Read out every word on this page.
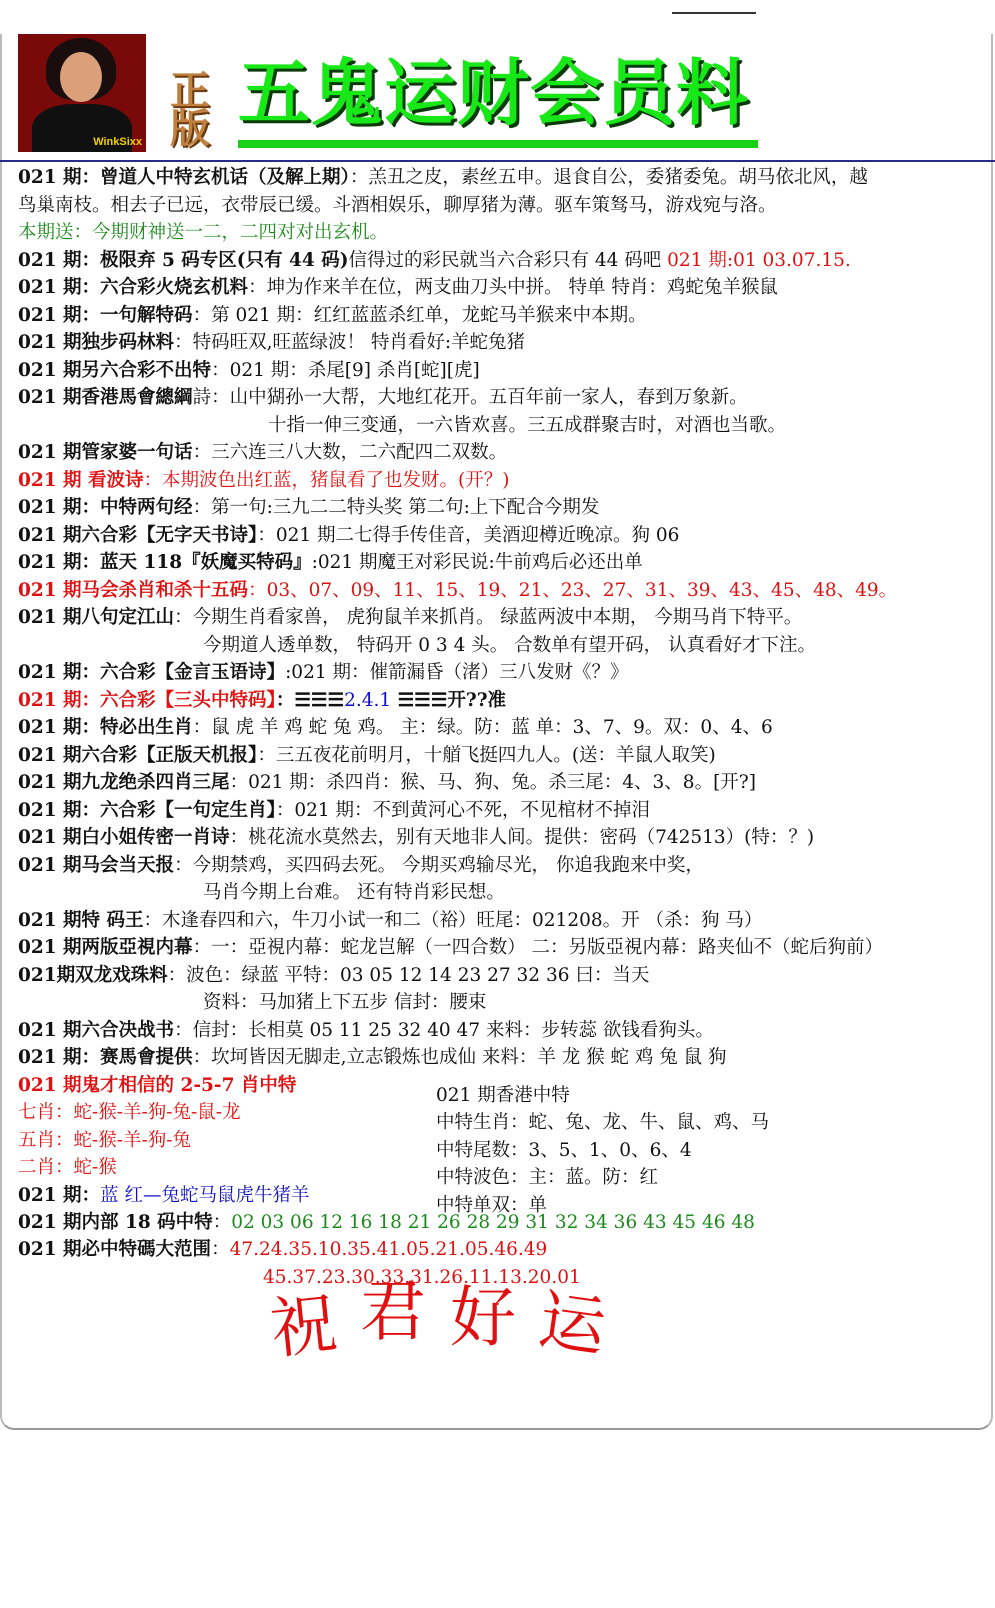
WinkSixx
正版 五鬼运财会员料
021 期：曾道人中特玄机话（及解上期）：羔丑之皮，素丝五申。退食自公，委猪委兔。胡马依北风，越
鸟巢南枝。相去子已远，衣带辰已缓。斗酒相娱乐，聊厚猪为薄。驱车策驽马，游戏宛与洛。
本期送：今期财神送一二，二四对对出玄机。
021 期：极限弃 5 码专区(只有 44 码)信得过的彩民就当六合彩只有 44 码吧 021 期:01 03.07.15.
021 期：六合彩火烧玄机料：坤为作来羊在位，两支曲刀头中拼。 特单 特肖：鸡蛇兔羊猴鼠
021 期：一句解特码：第 021 期：红红蓝蓝杀红单，龙蛇马羊猴来中本期。
021 期独步码林料：特码旺双,旺蓝绿波！ 特肖看好:羊蛇兔猪
021 期另六合彩不出特：021 期：杀尾[9] 杀肖[蛇][虎]
021 期香港馬會總綱詩：山中猢孙一大帮，大地红花开。五百年前一家人，春到万象新。
十指一伸三变通，一六皆欢喜。三五成群聚吉时，对酒也当歌。
021 期管家婆一句话：三六连三八大数，二六配四二双数。
021 期 看波诗：本期波色出红蓝，猪鼠看了也发财。(开？)
021 期：中特两句经：第一句:三九二二特头奖 第二句:上下配合今期发
021 期六合彩【无字天书诗】：021 期二七得手传佳音，美酒迎樽近晚凉。狗 06
021 期：蓝天 118『妖魔买特码』:021 期魔王对彩民说:牛前鸡后必还出单
021 期马会杀肖和杀十五码：03、07、09、11、15、19、21、23、27、31、39、43、45、48、49。
021 期八句定江山：今期生肖看家兽， 虎狗鼠羊来抓肖。 绿蓝两波中本期， 今期马肖下特平。
今期道人透单数， 特码开 0 3 4 头。 合数单有望开码， 认真看好才下注。
021 期：六合彩【金言玉语诗】:021 期：催箭漏昏（渚）三八发财《？》
021 期：六合彩【三头中特码】：☰☰☰2.4.1 ☰☰☰开??准
021 期：特必出生肖：鼠 虎 羊 鸡 蛇 兔 鸡。 主：绿。防：蓝 单：3、7、9。双：0、4、6
021 期六合彩【正版天机报】：三五夜花前明月，十艏飞挺四九人。(送：羊鼠人取笑)
021 期九龙绝杀四肖三尾：021 期：杀四肖：猴、马、狗、兔。杀三尾：4、3、8。[开?]
021 期：六合彩【一句定生肖】：021 期：不到黄河心不死，不见棺材不掉泪
021 期白小姐传密一肖诗：桃花流水莫然去，别有天地非人间。提供：密码（742513）(特：？)
021 期马会当天报：今期禁鸡，买四码去死。 今期买鸡输尽光， 你追我跑来中奖，
马肖今期上台难。 还有特肖彩民想。
021 期特 码王：木逢春四和六，牛刀小试一和二（裕）旺尾：021208。开 （杀：狗 马）
021 期两版亞視内幕：一：亞視内幕：蛇龙岂解（一四合数） 二：另版亞視内幕：路夹仙不（蛇后狗前）
021期双龙戏珠料：波色：绿蓝 平特：03 05 12 14 23 27 32 36 曰：当天
资料：马加猪上下五步 信封：腰束
021 期六合决战书：信封：长相莫 05 11 25 32 40 47 来料：步转蕊 欲钱看狗头。
021 期：赛馬會提供：坎坷皆因无脚走,立志锻炼也成仙 来料：羊 龙 猴 蛇 鸡 兔 鼠 狗
021 期鬼才相信的 2-5-7 肖中特
七肖：蛇-猴-羊-狗-兔-鼠-龙
五肖：蛇-猴-羊-狗-兔
二肖：蛇-猴
021 期：蓝 红—兔蛇马鼠虎牛猪羊
021 期香港中特
中特生肖：蛇、兔、龙、牛、鼠、鸡、马
中特尾数：3、5、1、0、6、4
中特波色：主：蓝。防：红
中特单双：单
021 期内部 18 码中特：02 03 06 12 16 18 21 26 28 29 31 32 34 36 43 45 46 48
021 期必中特碼大范围：47.24.35.10.35.41.05.21.05.46.49
45.37.23.30.33.31.26.11.13.20.01
祝君好运
